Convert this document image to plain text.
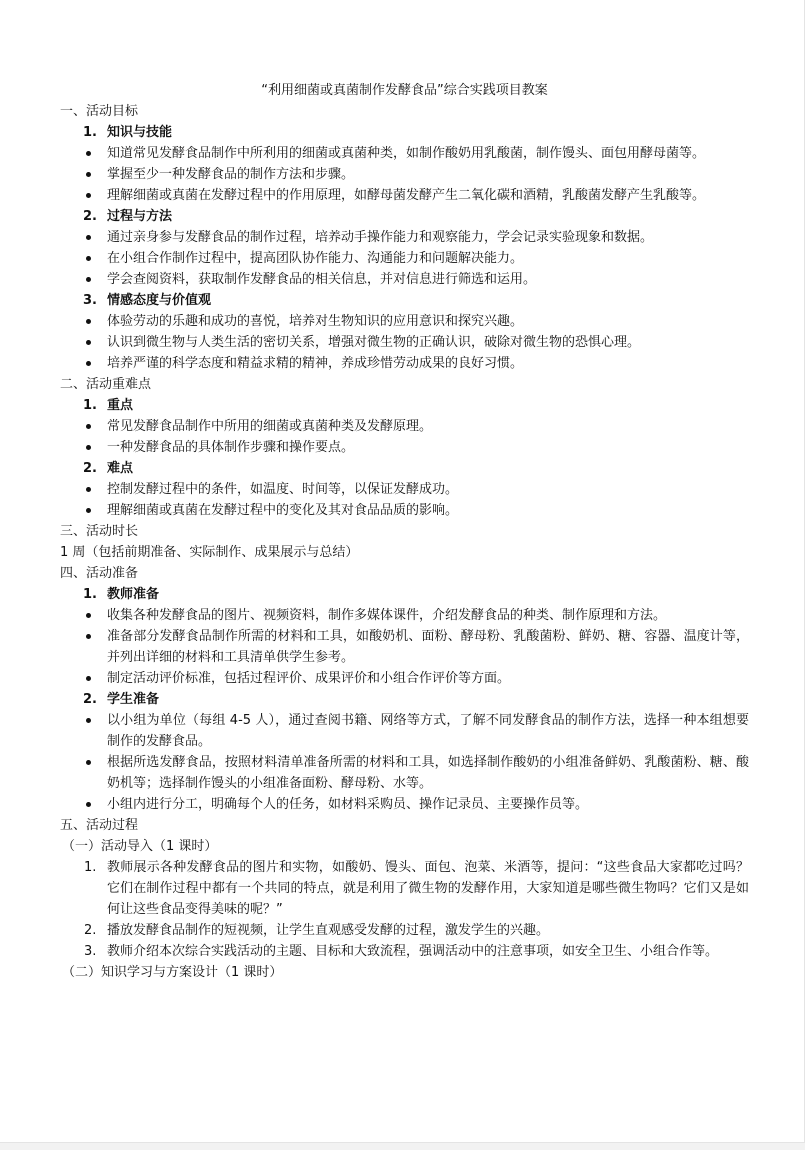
“利用细菌或真菌制作发酵食品”综合实践项目教案

一、活动目标

1. 知识与技能

知道常见发酵食品制作中所利用的细菌或真菌种类，如制作酸奶用乳酸菌，制作馒头、面包用酵母菌等。
掌握至少一种发酵食品的制作方法和步骤。
理解细菌或真菌在发酵过程中的作用原理，如酵母菌发酵产生二氧化碳和酒精，乳酸菌发酵产生乳酸等。

2. 过程与方法

通过亲身参与发酵食品的制作过程，培养动手操作能力和观察能力，学会记录实验现象和数据。
在小组合作制作过程中，提高团队协作能力、沟通能力和问题解决能力。
学会查阅资料，获取制作发酵食品的相关信息，并对信息进行筛选和运用。

3. 情感态度与价值观

体验劳动的乐趣和成功的喜悦，培养对生物知识的应用意识和探究兴趣。
认识到微生物与人类生活的密切关系，增强对微生物的正确认识，破除对微生物的恐惧心理。
培养严谨的科学态度和精益求精的精神，养成珍惜劳动成果的良好习惯。

二、活动重难点

1. 重点

常见发酵食品制作中所用的细菌或真菌种类及发酵原理。
一种发酵食品的具体制作步骤和操作要点。

2. 难点

控制发酵过程中的条件，如温度、时间等，以保证发酵成功。
理解细菌或真菌在发酵过程中的变化及其对食品品质的影响。

三、活动时长

1 周（包括前期准备、实际制作、成果展示与总结）

四、活动准备

1. 教师准备

收集各种发酵食品的图片、视频资料，制作多媒体课件，介绍发酵食品的种类、制作原理和方法。
准备部分发酵食品制作所需的材料和工具，如酸奶机、面粉、酵母粉、乳酸菌粉、鲜奶、糖、容器、温度计等，并列出详细的材料和工具清单供学生参考。
制定活动评价标准，包括过程评价、成果评价和小组合作评价等方面。

2. 学生准备

以小组为单位（每组 4-5 人），通过查阅书籍、网络等方式，了解不同发酵食品的制作方法，选择一种本组想要制作的发酵食品。
根据所选发酵食品，按照材料清单准备所需的材料和工具，如选择制作酸奶的小组准备鲜奶、乳酸菌粉、糖、酸奶机等；选择制作馒头的小组准备面粉、酵母粉、水等。
小组内进行分工，明确每个人的任务，如材料采购员、操作记录员、主要操作员等。

五、活动过程

（一）活动导入（1 课时）

1. 教师展示各种发酵食品的图片和实物，如酸奶、馒头、面包、泡菜、米酒等，提问：“这些食品大家都吃过吗？它们在制作过程中都有一个共同的特点，就是利用了微生物的发酵作用，大家知道是哪些微生物吗？它们又是如何让这些食品变得美味的呢？”
2. 播放发酵食品制作的短视频，让学生直观感受发酵的过程，激发学生的兴趣。
3. 教师介绍本次综合实践活动的主题、目标和大致流程，强调活动中的注意事项，如安全卫生、小组合作等。

（二）知识学习与方案设计（1 课时）
